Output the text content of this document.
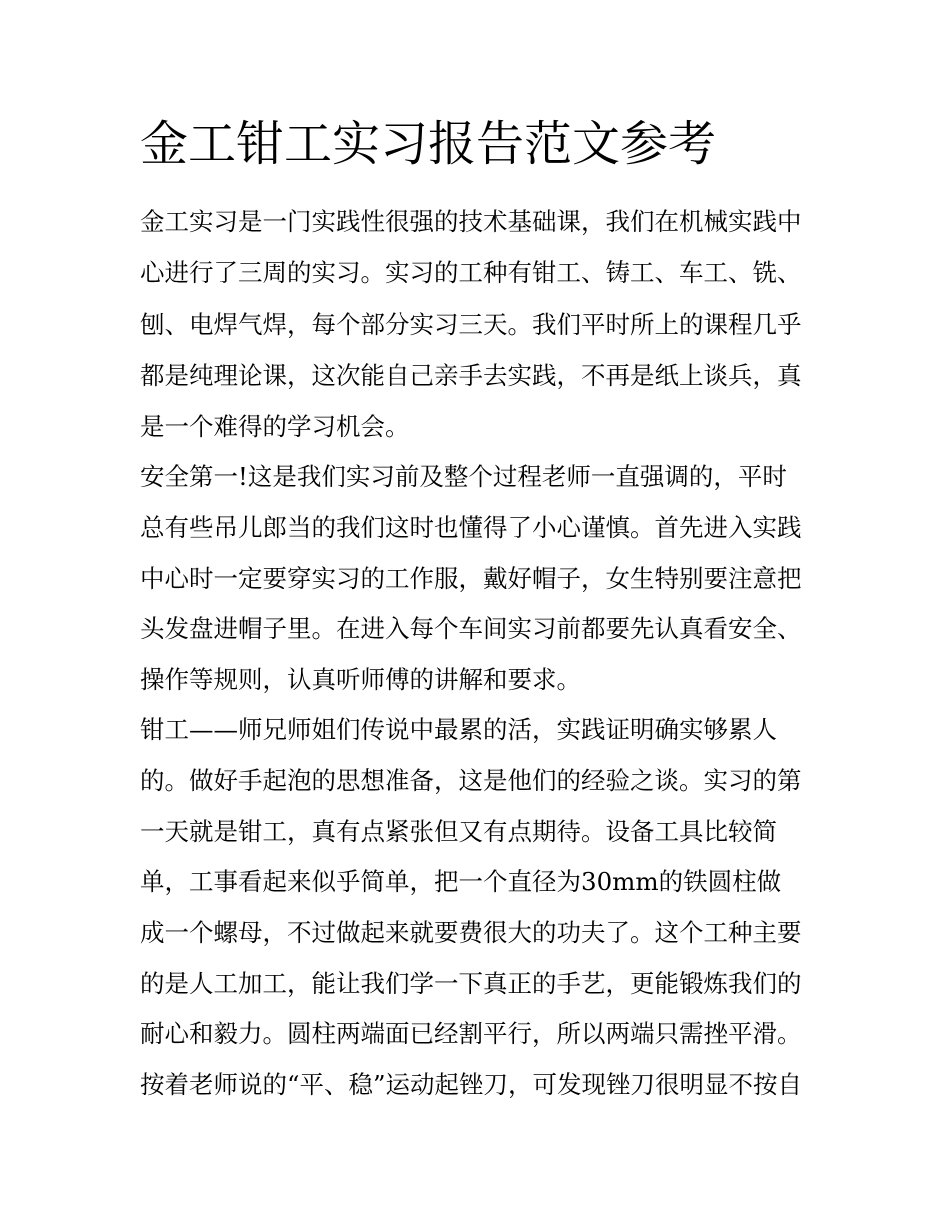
金工钳工实习报告范文参考

金工实习是一门实践性很强的技术基础课，我们在机械实践中

心进行了三周的实习。实习的工种有钳工、铸工、车工、铣、

刨、电焊气焊，每个部分实习三天。我们平时所上的课程几乎

都是纯理论课，这次能自己亲手去实践，不再是纸上谈兵，真

是一个难得的学习机会。

安全第一!这是我们实习前及整个过程老师一直强调的，平时

总有些吊儿郎当的我们这时也懂得了小心谨慎。首先进入实践

中心时一定要穿实习的工作服，戴好帽子，女生特别要注意把

头发盘进帽子里。在进入每个车间实习前都要先认真看安全、

操作等规则，认真听师傅的讲解和要求。

钳工——师兄师姐们传说中最累的活，实践证明确实够累人

的。做好手起泡的思想准备，这是他们的经验之谈。实习的第

一天就是钳工，真有点紧张但又有点期待。设备工具比较简

单，工事看起来似乎简单，把一个直径为30mm的铁圆柱做

成一个螺母，不过做起来就要费很大的功夫了。这个工种主要

的是人工加工，能让我们学一下真正的手艺，更能锻炼我们的

耐心和毅力。圆柱两端面已经割平行，所以两端只需挫平滑。

按着老师说的“平、稳”运动起锉刀，可发现锉刀很明显不按自
